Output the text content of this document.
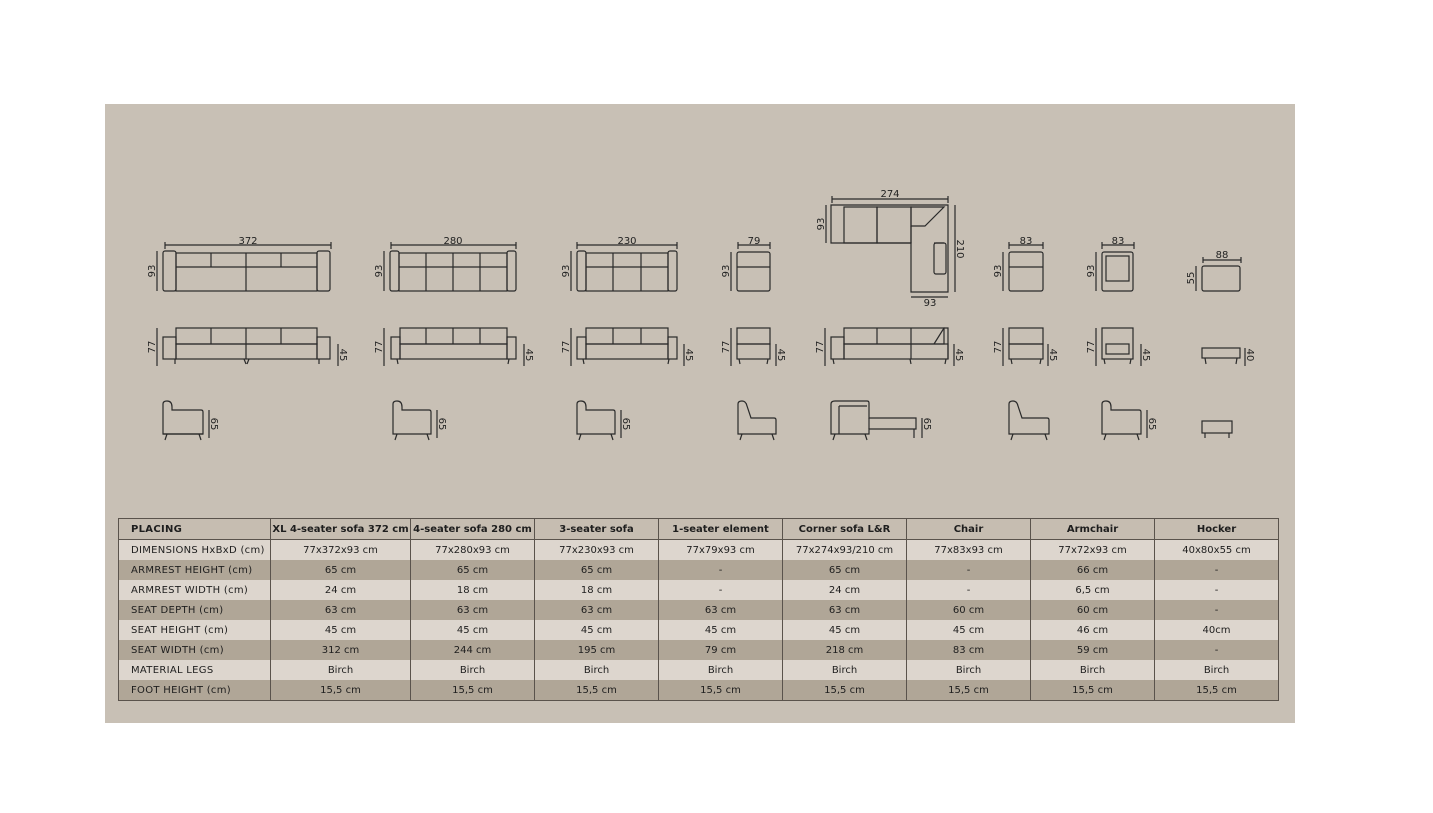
372	280	230	79
274
83	83
88
93	93	93	93
93
93	93
55
210
93
77	77	77	77	77	77	77
45	45	45	45	45	45	45	40
65	65	65	65	65
PLACING	XL 4-seater sofa 372 cm	4-seater sofa 280 cm	3-seater sofa	1-seater element	Corner sofa L&R	Chair	Armchair	Hocker
DIMENSIONS HxBxD (cm)	77x372x93 cm	77x280x93 cm	77x230x93 cm	77x79x93 cm	77x274x93/210 cm	77x83x93 cm	77x72x93 cm	40x80x55 cm
ARMREST HEIGHT (cm)	65 cm	65 cm	65 cm	-	65 cm	-	66 cm	-
ARMREST WIDTH (cm)	24 cm	18 cm	18 cm	-	24 cm	-	6,5 cm	-
SEAT DEPTH (cm)	63 cm	63 cm	63 cm	63 cm	63 cm	60 cm	60 cm	-
SEAT HEIGHT (cm)	45 cm	45 cm	45 cm	45 cm	45 cm	45 cm	46 cm	40cm
SEAT WIDTH (cm)	312 cm	244 cm	195 cm	79 cm	218 cm	83 cm	59 cm	-
MATERIAL LEGS	Birch	Birch	Birch	Birch	Birch	Birch	Birch	Birch
FOOT HEIGHT (cm)	15,5 cm	15,5 cm	15,5 cm	15,5 cm	15,5 cm	15,5 cm	15,5 cm	15,5 cm
